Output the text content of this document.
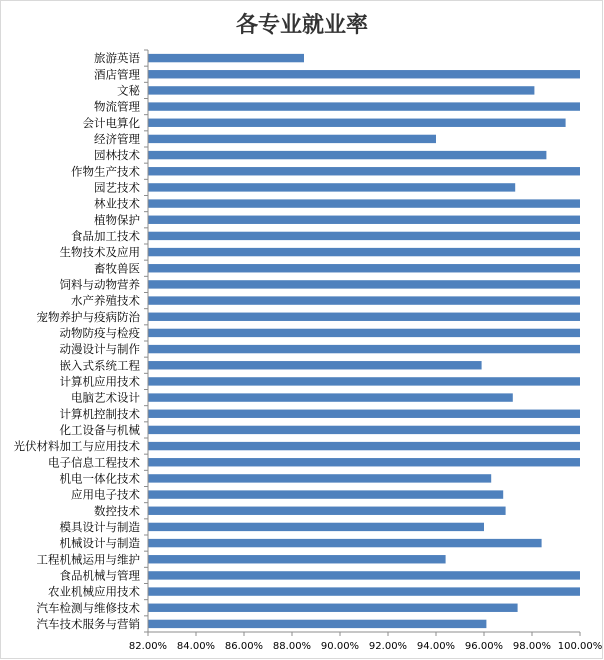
各专业就业率
旅游英语
酒店管理
文秘
物流管理
会计电算化
经济管理
园林技术
作物生产技术
园艺技术
林业技术
植物保护
食品加工技术
生物技术及应用
畜牧兽医
饲料与动物营养
水产养殖技术
宠物养护与疫病防治
动物防疫与检疫
动漫设计与制作
嵌入式系统工程
计算机应用技术
电脑艺术设计
计算机控制技术
化工设备与机械
光伏材料加工与应用技术
电子信息工程技术
机电一体化技术
应用电子技术
数控技术
模具设计与制造
机械设计与制造
工程机械运用与维护
食品机械与管理
农业机械应用技术
汽车检测与维修技术
汽车技术服务与营销
82.00% 84.00% 86.00% 88.00% 90.00% 92.00% 94.00% 96.00% 98.00% 100.00%
